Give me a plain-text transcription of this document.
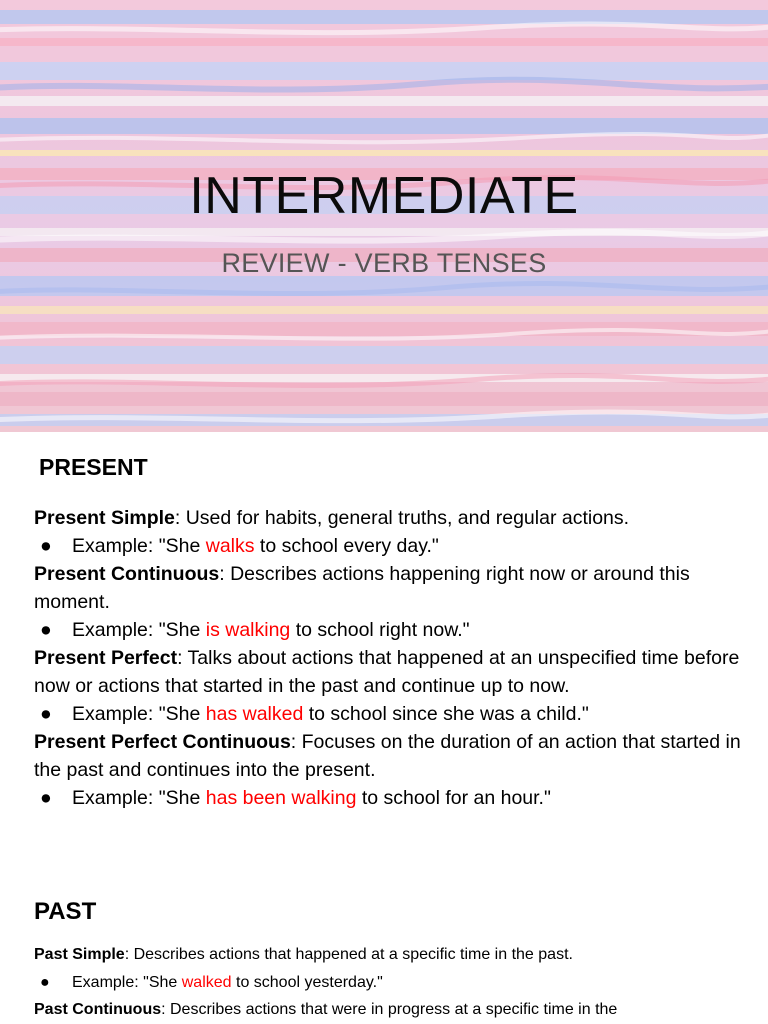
INTERMEDIATE
REVIEW - VERB TENSES
PRESENT
Present Simple: Used for habits, general truths, and regular actions.
● Example: "She walks to school every day."
Present Continuous: Describes actions happening right now or around this moment.
● Example: "She is walking to school right now."
Present Perfect: Talks about actions that happened at an unspecified time before now or actions that started in the past and continue up to now.
● Example: "She has walked to school since she was a child."
Present Perfect Continuous: Focuses on the duration of an action that started in the past and continues into the present.
● Example: "She has been walking to school for an hour."
PAST
Past Simple: Describes actions that happened at a specific time in the past.
● Example: "She walked to school yesterday."
Past Continuous: Describes actions that were in progress at a specific time in the
